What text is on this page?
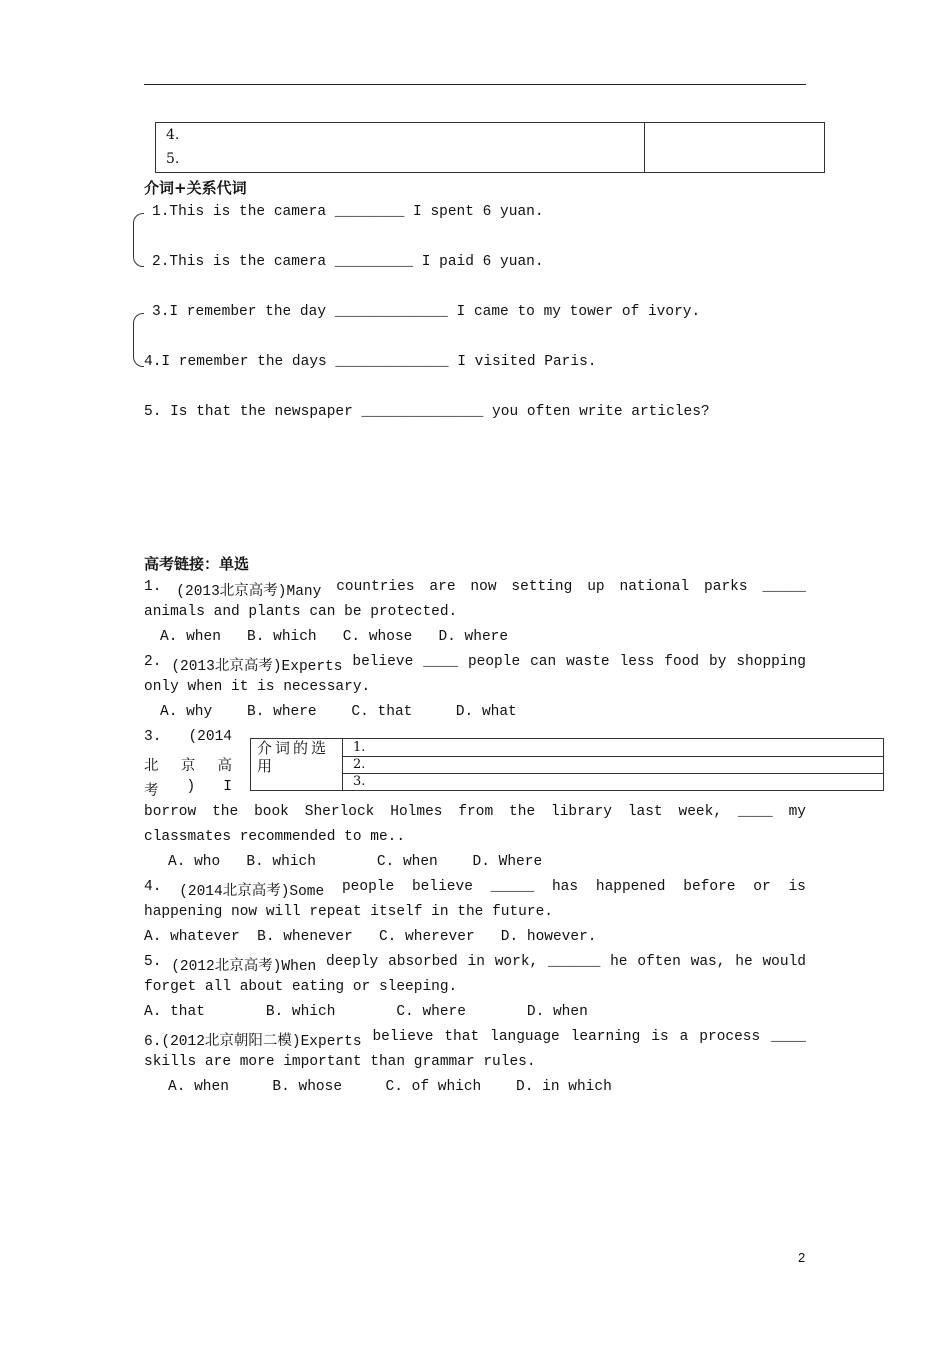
4.
5.
介词+关系代词
1.This is the camera ________ I spent 6 yuan.
2.This is the camera _________ I paid 6 yuan.
3.I remember the day _____________ I came to my tower of ivory.
4.I remember the days _____________ I visited Paris.
5. Is that the newspaper ______________ you often write articles?
高考链接：单选
1. (2013北京高考)Many countries are now setting up national parks _____
animals and plants can be protected.
A. when   B. which   C. whose   D. where
2. (2013北京高考)Experts believe ____ people can waste less food by shopping
only when it is necessary.
A. why    B. where    C. that     D. what
3. (2014
北 京 高
考 ) I
介词的选用
1.
2.
3.
borrow the book Sherlock Holmes from the library last week, ____ my
classmates recommended to me..
A. who   B. which       C. when    D. Where
4. (2014北京高考)Some people believe _____ has happened before or is
happening now will repeat itself in the future.
A. whatever  B. whenever   C. wherever   D. however.
5. (2012北京高考)When deeply absorbed in work, ______ he often was, he would
forget all about eating or sleeping.
A. that       B. which       C. where       D. when
6.(2012北京朝阳二模)Experts believe that language learning is a process ____
skills are more important than grammar rules.
A. when     B. whose     C. of which    D. in which
2
